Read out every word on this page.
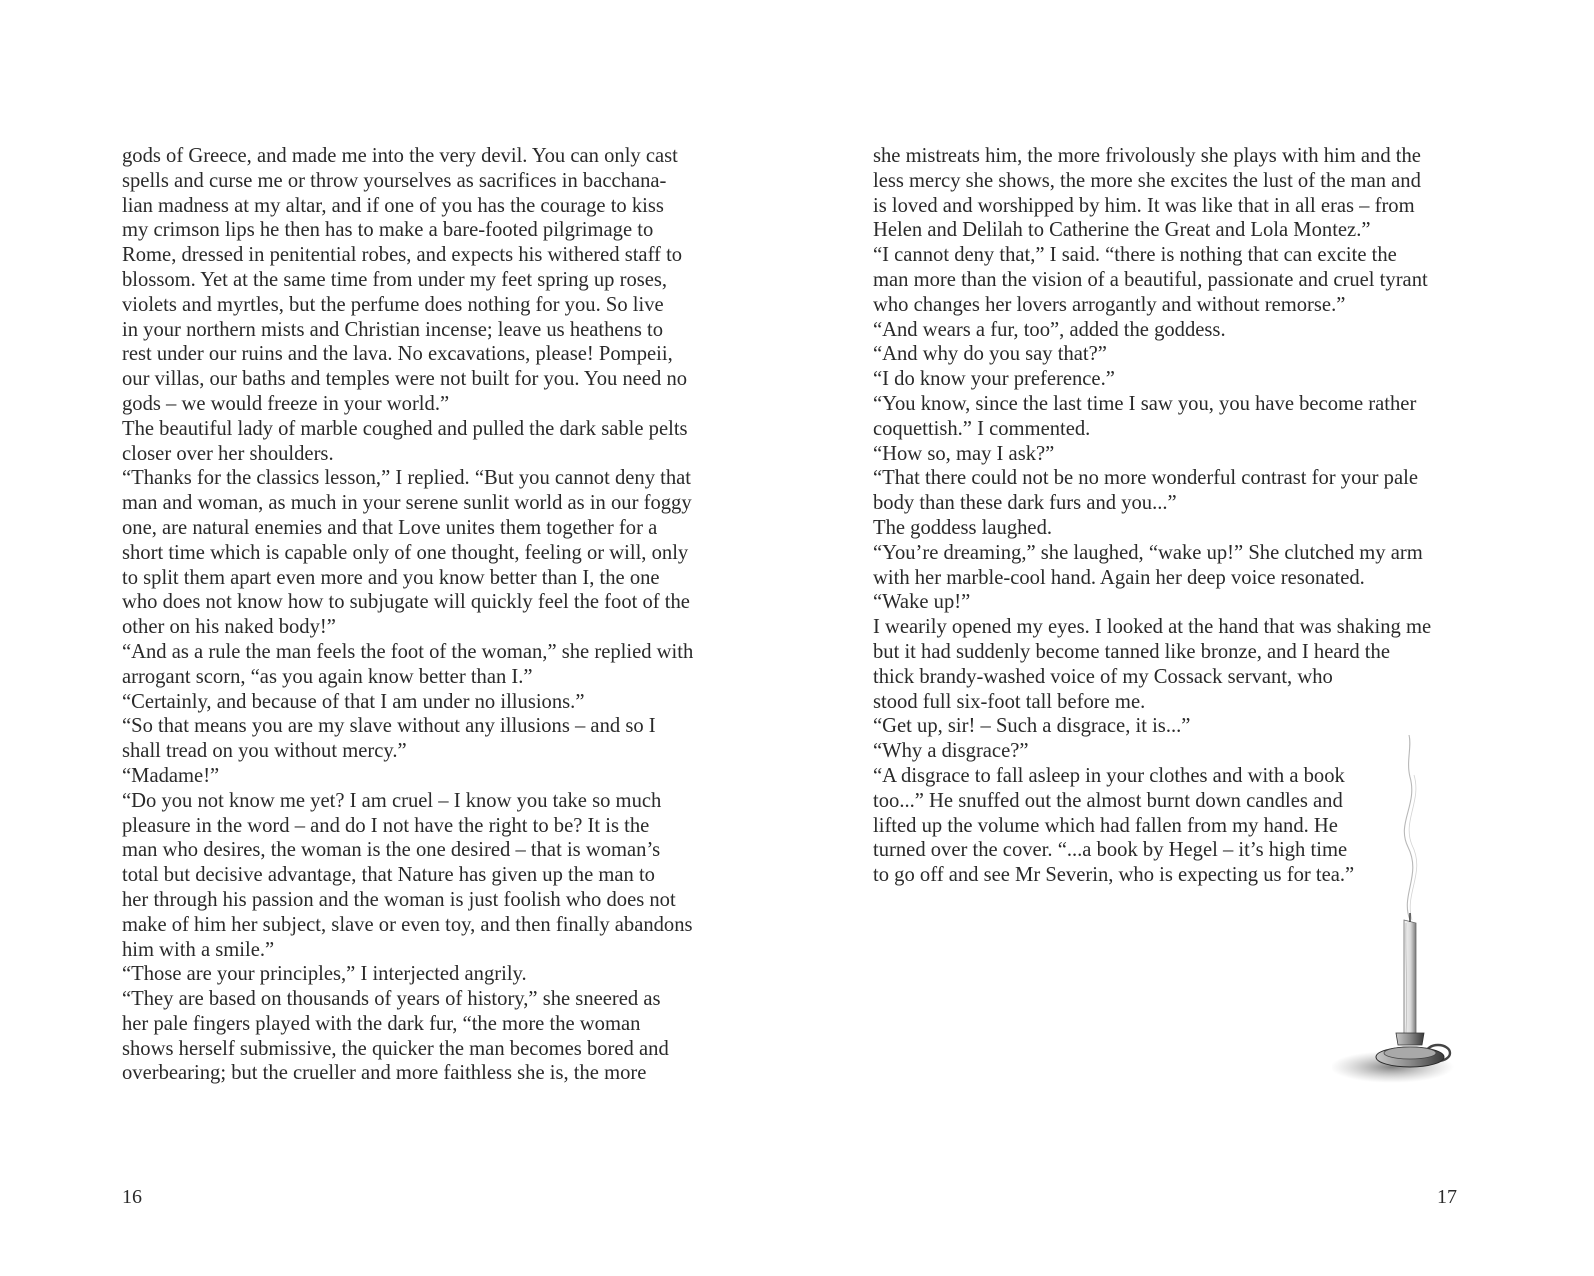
gods of Greece, and made me into the very devil. You can only cast
spells and curse me or throw yourselves as sacrifices in bacchana-
lian madness at my altar, and if one of you has the courage to kiss
my crimson lips he then has to make a bare-footed pilgrimage to
Rome, dressed in penitential robes, and expects his withered staff to
blossom. Yet at the same time from under my feet spring up roses,
violets and myrtles, but the perfume does nothing for you. So live
in your northern mists and Christian incense; leave us heathens to
rest under our ruins and the lava. No excavations, please! Pompeii,
our villas, our baths and temples were not built for you. You need no
gods – we would freeze in your world.”
The beautiful lady of marble coughed and pulled the dark sable pelts
closer over her shoulders.
“Thanks for the classics lesson,” I replied. “But you cannot deny that
man and woman, as much in your serene sunlit world as in our foggy
one, are natural enemies and that Love unites them together for a
short time which is capable only of one thought, feeling or will, only
to split them apart even more and you know better than I, the one
who does not know how to subjugate will quickly feel the foot of the
other on his naked body!”
“And as a rule the man feels the foot of the woman,” she replied with
arrogant scorn, “as you again know better than I.”
“Certainly, and because of that I am under no illusions.”
“So that means you are my slave without any illusions – and so I
shall tread on you without mercy.”
“Madame!”
“Do you not know me yet? I am cruel – I know you take so much
pleasure in the word – and do I not have the right to be? It is the
man who desires, the woman is the one desired – that is woman’s
total but decisive advantage, that Nature has given up the man to
her through his passion and the woman is just foolish who does not
make of him her subject, slave or even toy, and then finally abandons
him with a smile.”
“Those are your principles,” I interjected angrily.
“They are based on thousands of years of history,” she sneered as
her pale fingers played with the dark fur, “the more the woman
shows herself submissive, the quicker the man becomes bored and
overbearing; but the crueller and more faithless she is, the more
16
she mistreats him, the more frivolously she plays with him and the
less mercy she shows, the more she excites the lust of the man and
is loved and worshipped by him. It was like that in all eras – from
Helen and Delilah to Catherine the Great and Lola Montez.”
“I cannot deny that,” I said. “there is nothing that can excite the
man more than the vision of a beautiful, passionate and cruel tyrant
who changes her lovers arrogantly and without remorse.”
“And wears a fur, too”, added the goddess.
“And why do you say that?”
“I do know your preference.”
“You know, since the last time I saw you, you have become rather
coquettish.” I commented.
“How so, may I ask?”
“That there could not be no more wonderful contrast for your pale
body than these dark furs and you...”
The goddess laughed.
“You’re dreaming,” she laughed, “wake up!” She clutched my arm
with her marble-cool hand. Again her deep voice resonated.
“Wake up!”
I wearily opened my eyes. I looked at the hand that was shaking me
but it had suddenly become tanned like bronze, and I heard the
thick brandy-washed voice of my Cossack servant, who
stood full six-foot tall before me.
“Get up, sir! – Such a disgrace, it is...”
“Why a disgrace?”
“A disgrace to fall asleep in your clothes and with a book
too...” He snuffed out the almost burnt down candles and
lifted up the volume which had fallen from my hand. He
turned over the cover. “...a book by Hegel – it’s high time
to go off and see Mr Severin, who is expecting us for tea.”
17
